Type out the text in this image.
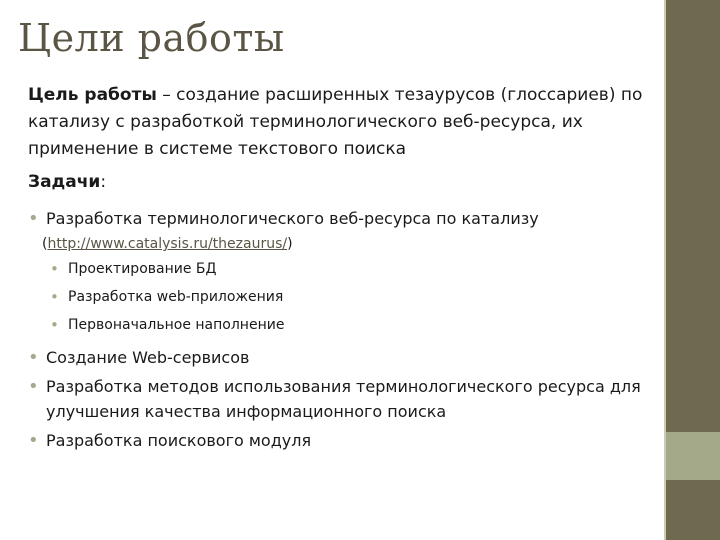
Цели работы

Цель работы – создание расширенных тезаурусов (глоссариев) по катализу с разработкой терминологического веб-ресурса, их применение в системе текстового поиска

Задачи:
• Разработка терминологического веб-ресурса по катализу
(http://www.catalysis.ru/thezaurus/)
• Проектирование БД
• Разработка web-приложения
• Первоначальное наполнение
• Создание Web-сервисов
• Разработка методов использования терминологического ресурса для улучшения качества информационного поиска
• Разработка поискового модуля
